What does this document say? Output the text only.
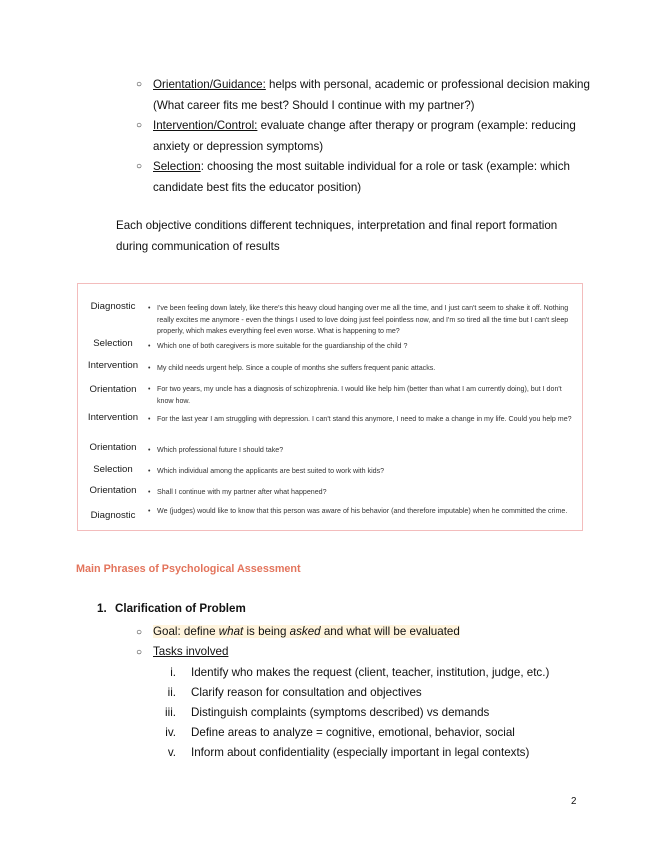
○ Orientation/Guidance: helps with personal, academic or professional decision making (What career fits me best? Should I continue with my partner?)
○ Intervention/Control: evaluate change after therapy or program (example: reducing anxiety or depression symptoms)
○ Selection: choosing the most suitable individual for a role or task (example: which candidate best fits the educator position)
Each objective conditions different techniques, interpretation and final report formation during communication of results
Diagnostic	• I've been feeling down lately, like there's this heavy cloud hanging over me all the time, and I just can't seem to shake it off. Nothing really excites me anymore - even the things I used to love doing just feel pointless now, and I'm so tired all the time but I can't sleep properly, which makes everything feel even worse. What is happening to me?
Selection	• Which one of both caregivers is more suitable for the guardianship of the child ?
Intervention	• My child needs urgent help. Since a couple of months she suffers frequent panic attacks.
Orientation	• For two years, my uncle has a diagnosis of schizophrenia. I would like help him (better than what I am currently doing), but I don't know how.
Intervention	• For the last year I am struggling with depression. I can't stand this anymore, I need to make a change in my life. Could you help me?
Orientation	• Which professional future I should take?
Selection	• Which individual among the applicants are best suited to work with kids?
Orientation	• Shall I continue with my partner after what happened?
Diagnostic	• We (judges) would like to know that this person was aware of his behavior (and therefore imputable) when he committed the crime.
Main Phrases of Psychological Assessment
1. Clarification of Problem
○ Goal: define what is being asked and what will be evaluated
○ Tasks involved
i. Identify who makes the request (client, teacher, institution, judge, etc.)
ii. Clarify reason for consultation and objectives
iii. Distinguish complaints (symptoms described) vs demands
iv. Define areas to analyze = cognitive, emotional, behavior, social
v. Inform about confidentiality (especially important in legal contexts)
2
